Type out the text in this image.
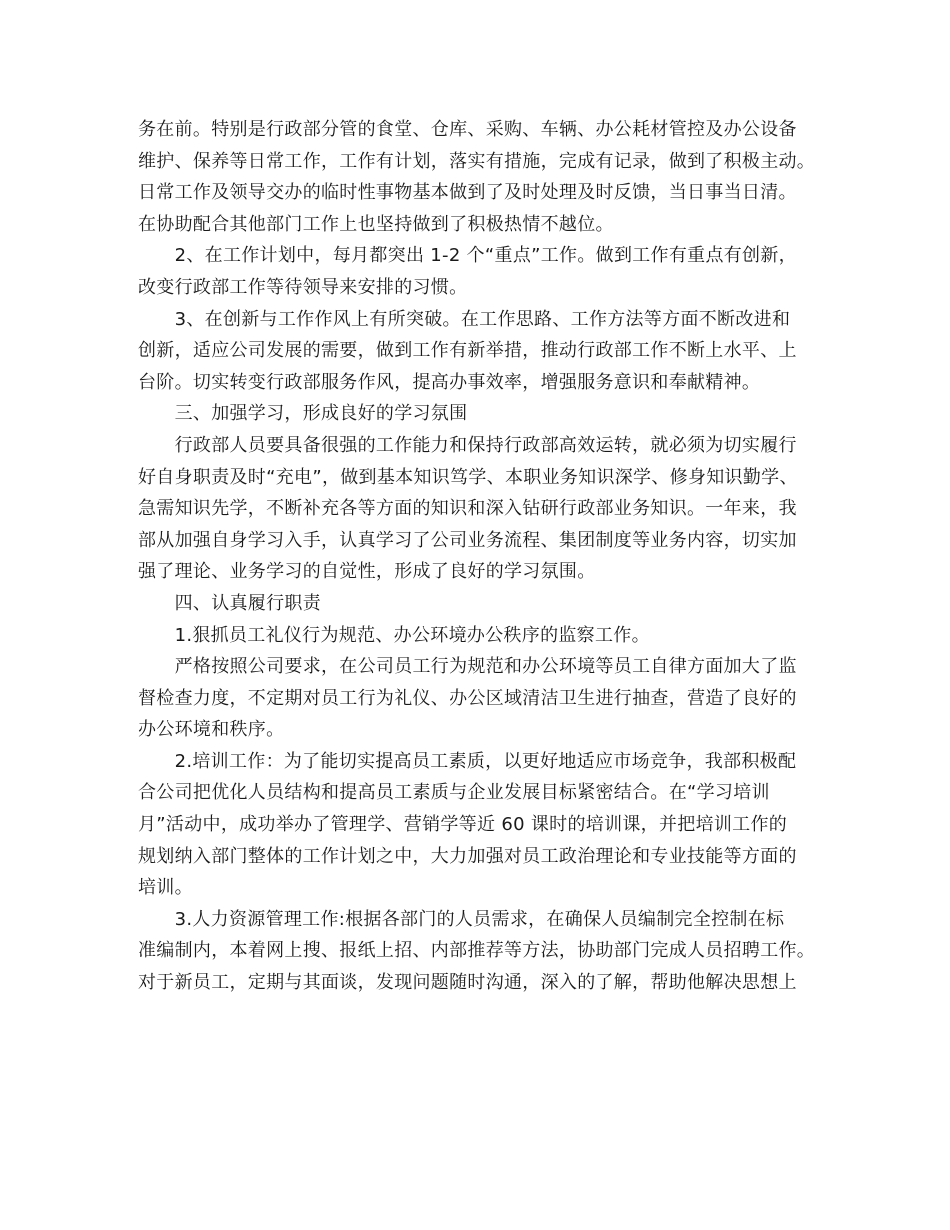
务在前。特别是行政部分管的食堂、仓库、采购、车辆、办公耗材管控及办公设备
维护、保养等日常工作，工作有计划，落实有措施，完成有记录，做到了积极主动。
日常工作及领导交办的临时性事物基本做到了及时处理及时反馈，当日事当日清。
在协助配合其他部门工作上也坚持做到了积极热情不越位。
　　2、在工作计划中，每月都突出 1-2 个“重点”工作。做到工作有重点有创新，
改变行政部工作等待领导来安排的习惯。
　　3、在创新与工作作风上有所突破。在工作思路、工作方法等方面不断改进和
创新，适应公司发展的需要，做到工作有新举措，推动行政部工作不断上水平、上
台阶。切实转变行政部服务作风，提高办事效率，增强服务意识和奉献精神。
　　三、加强学习，形成良好的学习氛围
　　行政部人员要具备很强的工作能力和保持行政部高效运转，就必须为切实履行
好自身职责及时“充电”，做到基本知识笃学、本职业务知识深学、修身知识勤学、
急需知识先学，不断补充各等方面的知识和深入钻研行政部业务知识。一年来，我
部从加强自身学习入手，认真学习了公司业务流程、集团制度等业务内容，切实加
强了理论、业务学习的自觉性，形成了良好的学习氛围。
　　四、认真履行职责
　　1.狠抓员工礼仪行为规范、办公环境办公秩序的监察工作。
　　严格按照公司要求，在公司员工行为规范和办公环境等员工自律方面加大了监
督检查力度，不定期对员工行为礼仪、办公区域清洁卫生进行抽查，营造了良好的
办公环境和秩序。
　　2.培训工作：为了能切实提高员工素质，以更好地适应市场竞争，我部积极配
合公司把优化人员结构和提高员工素质与企业发展目标紧密结合。在“学习培训
月”活动中，成功举办了管理学、营销学等近 60 课时的培训课，并把培训工作的
规划纳入部门整体的工作计划之中，大力加强对员工政治理论和专业技能等方面的
培训。
　　3.人力资源管理工作:根据各部门的人员需求，在确保人员编制完全控制在标
准编制内，本着网上搜、报纸上招、内部推荐等方法，协助部门完成人员招聘工作。
对于新员工，定期与其面谈，发现问题随时沟通，深入的了解，帮助他解决思想上
